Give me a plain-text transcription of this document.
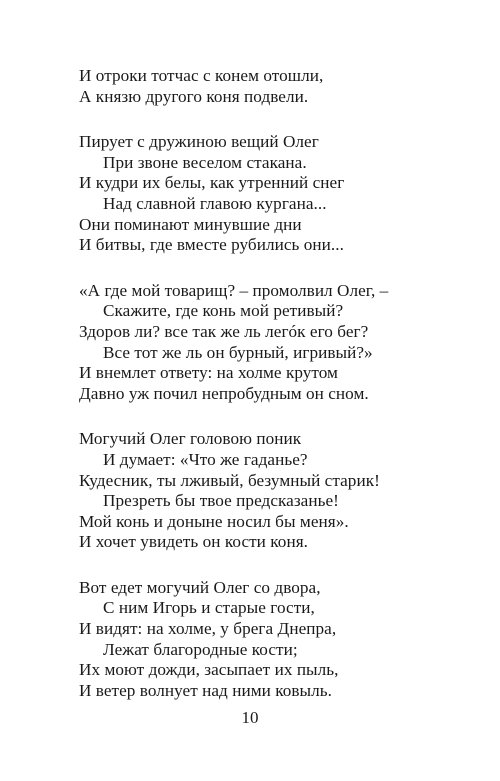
И отроки тотчас с конем отошли,
А князю другого коня подвели.
Пирует с дружиною вещий Олег
При звоне веселом стакана.
И кудри их белы, как утренний снег
Над славной главою кургана...
Они поминают минувшие дни
И битвы, где вместе рубились они...
«А где мой товарищ? – промолвил Олег, –
Скажите, где конь мой ретивый?
Здоров ли? все так же ль легóк его бег?
Все тот же ль он бурный, игривый?»
И внемлет ответу: на холме крутом
Давно уж почил непробудным он сном.
Могучий Олег головою поник
И думает: «Что же гаданье?
Кудесник, ты лживый, безумный старик!
Презреть бы твое предсказанье!
Мой конь и доныне носил бы меня».
И хочет увидеть он кости коня.
Вот едет могучий Олег со двора,
С ним Игорь и старые гости,
И видят: на холме, у брега Днепра,
Лежат благородные кости;
Их моют дожди, засыпает их пыль,
И ветер волнует над ними ковыль.
10
